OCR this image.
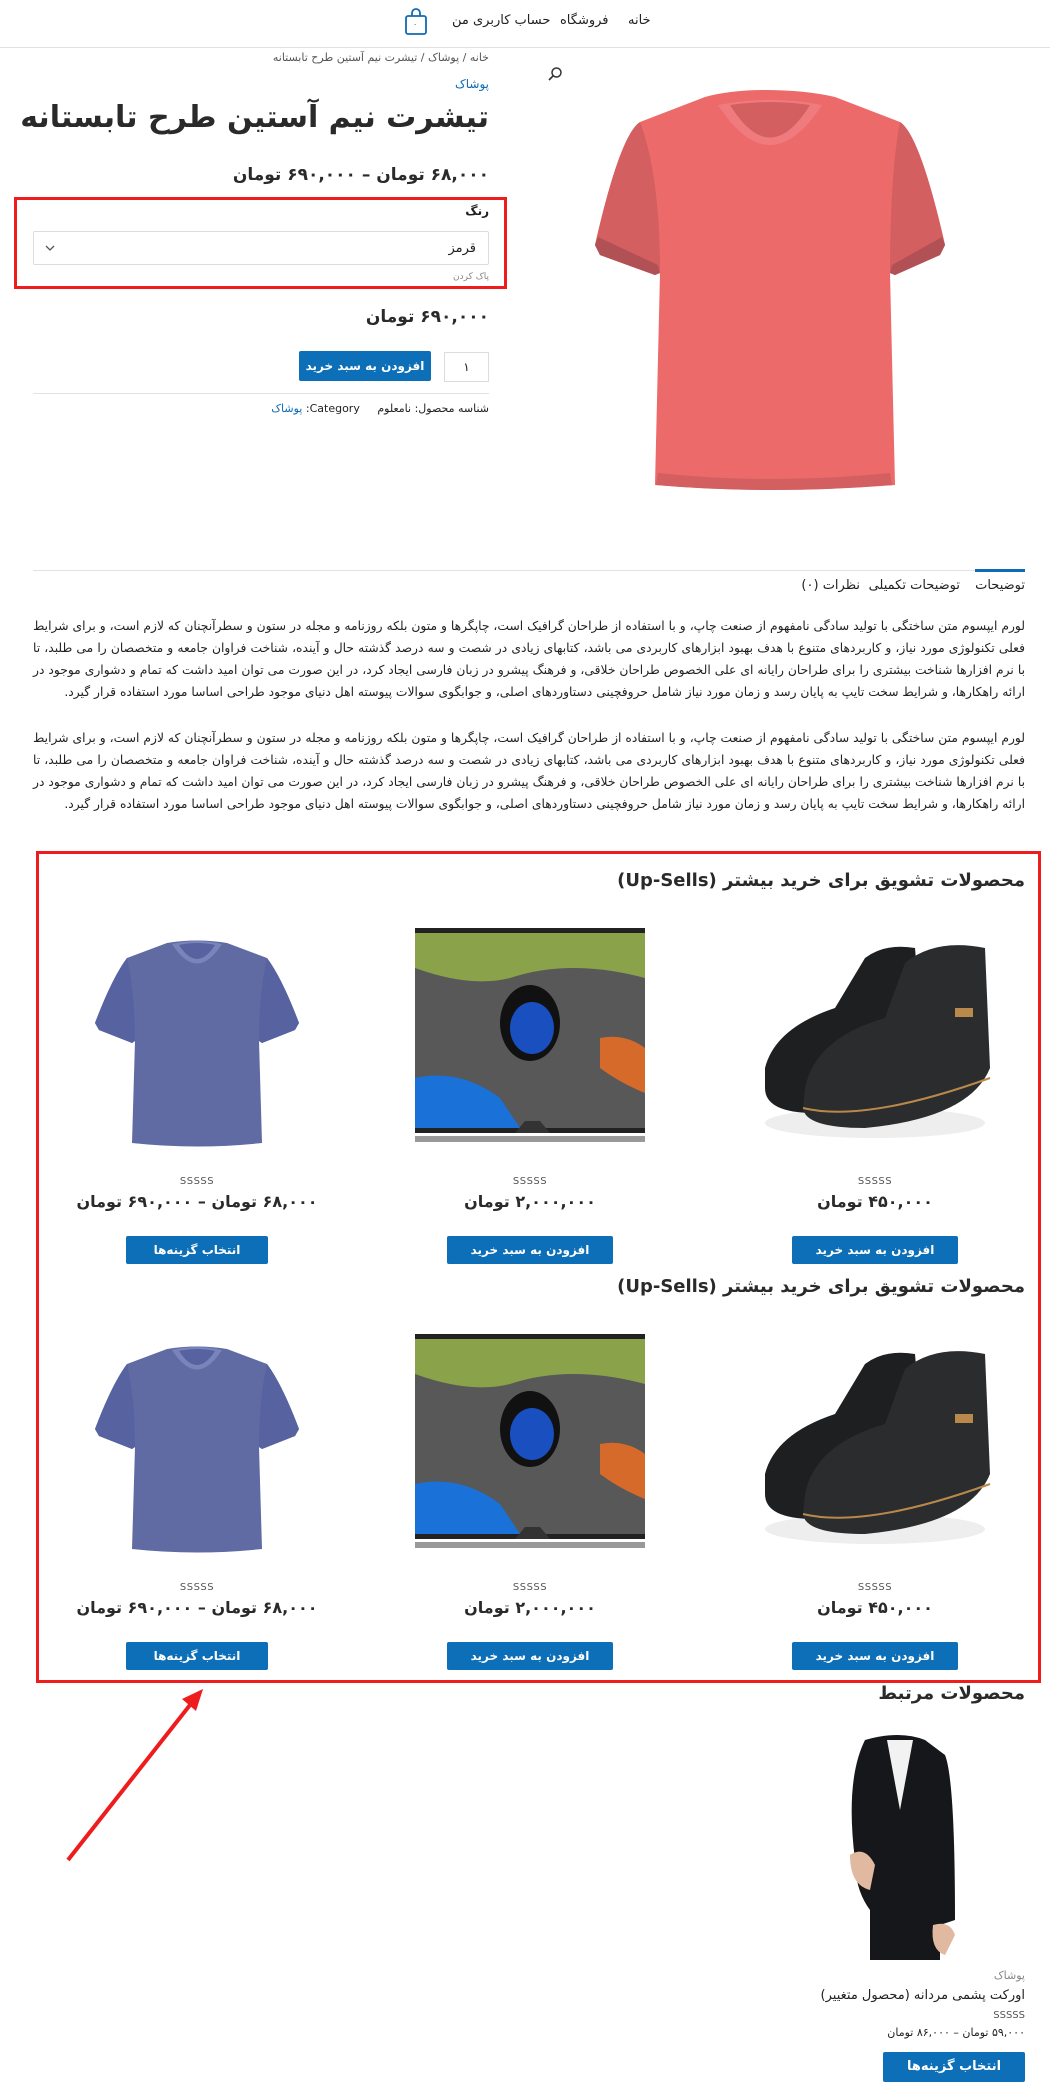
خانه
فروشگاه
حساب کاربری من
۰
خانه / پوشاک / تیشرت نیم آستین طرح تابستانه
پوشاک
تیشرت نیم آستین طرح تابستانه
۶۸,۰۰۰ تومان – ۶۹۰,۰۰۰ تومان
رنگ
قرمز
پاک کردن
۶۹۰,۰۰۰ تومان
۱
افزودن به سبد خرید
شناسه محصول: نامعلوم     Category: پوشاک
توضیحات
توضیحات تکمیلی
نظرات (۰)

لورم ایپسوم متن ساختگی با تولید سادگی نامفهوم از صنعت چاپ، و با استفاده از طراحان گرافیک است، چاپگرها و متون بلکه روزنامه و مجله در ستون و سطرآنچنان که لازم است، و برای شرایط فعلی تکنولوژی مورد نیاز، و کاربردهای متنوع با هدف بهبود ابزارهای کاربردی می باشد، کتابهای زیادی در شصت و سه درصد گذشته حال و آینده، شناخت فراوان جامعه و متخصصان را می طلبد، تا با نرم افزارها شناخت بیشتری را برای طراحان رایانه ای علی الخصوص طراحان خلاقی، و فرهنگ پیشرو در زبان فارسی ایجاد کرد، در این صورت می توان امید داشت که تمام و دشواری موجود در ارائه راهکارها، و شرایط سخت تایپ به پایان رسد و زمان مورد نیاز شامل حروفچینی دستاوردهای اصلی، و جوابگوی سوالات پیوسته اهل دنیای موجود طراحی اساسا مورد استفاده قرار گیرد.

لورم ایپسوم متن ساختگی با تولید سادگی نامفهوم از صنعت چاپ، و با استفاده از طراحان گرافیک است، چاپگرها و متون بلکه روزنامه و مجله در ستون و سطرآنچنان که لازم است، و برای شرایط فعلی تکنولوژی مورد نیاز، و کاربردهای متنوع با هدف بهبود ابزارهای کاربردی می باشد، کتابهای زیادی در شصت و سه درصد گذشته حال و آینده، شناخت فراوان جامعه و متخصصان را می طلبد، تا با نرم افزارها شناخت بیشتری را برای طراحان رایانه ای علی الخصوص طراحان خلاقی، و فرهنگ پیشرو در زبان فارسی ایجاد کرد، در این صورت می توان امید داشت که تمام و دشواری موجود در ارائه راهکارها، و شرایط سخت تایپ به پایان رسد و زمان مورد نیاز شامل حروفچینی دستاوردهای اصلی، و جوابگوی سوالات پیوسته اهل دنیای موجود طراحی اساسا مورد استفاده قرار گیرد.

محصولات تشویق برای خرید بیشتر (Up-Sells)
SSSSS
۴۵۰,۰۰۰ تومان
افزودن به سبد خرید
SSSSS
۲,۰۰۰,۰۰۰ تومان
افزودن به سبد خرید
SSSSS
۶۸,۰۰۰ تومان – ۶۹۰,۰۰۰ تومان
انتخاب گزینه‌ها
محصولات تشویق برای خرید بیشتر (Up-Sells)
SSSSS
۴۵۰,۰۰۰ تومان
افزودن به سبد خرید
SSSSS
۲,۰۰۰,۰۰۰ تومان
افزودن به سبد خرید
SSSSS
۶۸,۰۰۰ تومان – ۶۹۰,۰۰۰ تومان
انتخاب گزینه‌ها
محصولات مرتبط
پوشاک
اورکت پشمی مردانه (محصول متغییر)
SSSSS
۵۹,۰۰۰ تومان – ۸۶,۰۰۰ تومان
انتخاب گزینه‌ها
